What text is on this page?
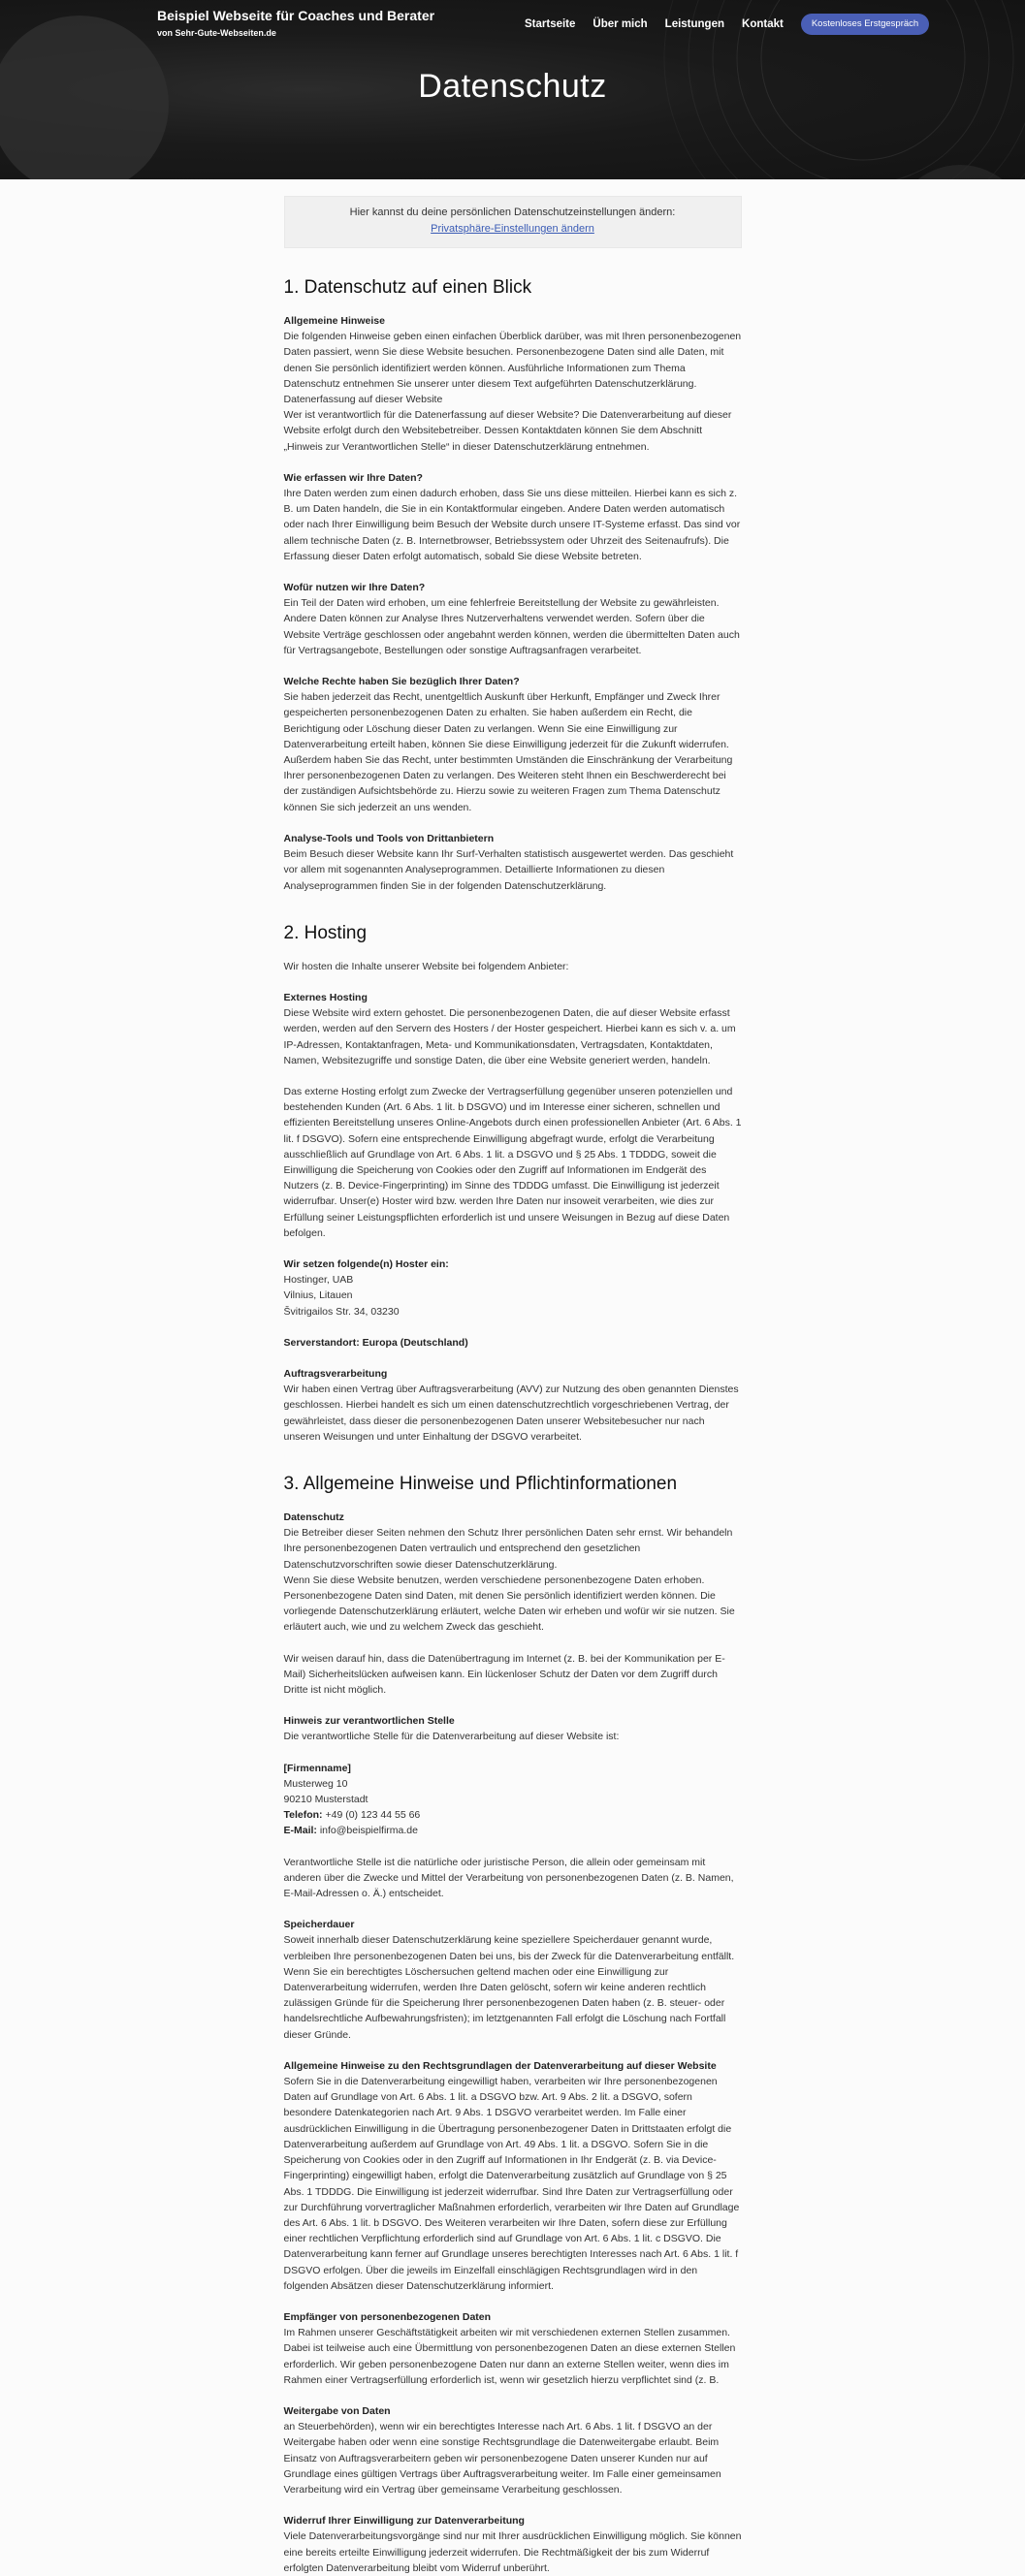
Beispiel Webseite für Coaches und Berater
von Sehr-Gute-Webseiten.de
Startseite Über mich Leistungen Kontakt	Kostenloses Erstgespräch
Datenschutz
Hier kannst du deine persönlichen Datenschutzeinstellungen ändern:
Privatsphäre-Einstellungen ändern
1. Datenschutz auf einen Blick

Allgemeine Hinweise
Die folgenden Hinweise geben einen einfachen Überblick darüber, was mit Ihren personenbezogenen Daten passiert, wenn Sie diese Website besuchen. Personenbezogene Daten sind alle Daten, mit denen Sie persönlich identifiziert werden können. Ausführliche Informationen zum Thema Datenschutz entnehmen Sie unserer unter diesem Text aufgeführten Datenschutzerklärung. Datenerfassung auf dieser Website
Wer ist verantwortlich für die Datenerfassung auf dieser Website? Die Datenverarbeitung auf dieser Website erfolgt durch den Websitebetreiber. Dessen Kontaktdaten können Sie dem Abschnitt „Hinweis zur Verantwortlichen Stelle“ in dieser Datenschutzerklärung entnehmen.

Wie erfassen wir Ihre Daten?
Ihre Daten werden zum einen dadurch erhoben, dass Sie uns diese mitteilen. Hierbei kann es sich z. B. um Daten handeln, die Sie in ein Kontaktformular eingeben. Andere Daten werden automatisch oder nach Ihrer Einwilligung beim Besuch der Website durch unsere IT-Systeme erfasst. Das sind vor allem technische Daten (z. B. Internetbrowser, Betriebssystem oder Uhrzeit des Seitenaufrufs). Die Erfassung dieser Daten erfolgt automatisch, sobald Sie diese Website betreten.

Wofür nutzen wir Ihre Daten?
Ein Teil der Daten wird erhoben, um eine fehlerfreie Bereitstellung der Website zu gewährleisten. Andere Daten können zur Analyse Ihres Nutzerverhaltens verwendet werden. Sofern über die Website Verträge geschlossen oder angebahnt werden können, werden die übermittelten Daten auch für Vertragsangebote, Bestellungen oder sonstige Auftragsanfragen verarbeitet.

Welche Rechte haben Sie bezüglich Ihrer Daten?
Sie haben jederzeit das Recht, unentgeltlich Auskunft über Herkunft, Empfänger und Zweck Ihrer gespeicherten personenbezogenen Daten zu erhalten. Sie haben außerdem ein Recht, die Berichtigung oder Löschung dieser Daten zu verlangen. Wenn Sie eine Einwilligung zur Datenverarbeitung erteilt haben, können Sie diese Einwilligung jederzeit für die Zukunft widerrufen. Außerdem haben Sie das Recht, unter bestimmten Umständen die Einschränkung der Verarbeitung Ihrer personenbezogenen Daten zu verlangen. Des Weiteren steht Ihnen ein Beschwerderecht bei der zuständigen Aufsichtsbehörde zu. Hierzu sowie zu weiteren Fragen zum Thema Datenschutz können Sie sich jederzeit an uns wenden.

Analyse-Tools und Tools von Drittanbietern
Beim Besuch dieser Website kann Ihr Surf-Verhalten statistisch ausgewertet werden. Das geschieht vor allem mit sogenannten Analyseprogrammen. Detaillierte Informationen zu diesen Analyseprogrammen finden Sie in der folgenden Datenschutzerklärung.

2. Hosting

Wir hosten die Inhalte unserer Website bei folgendem Anbieter:

Externes Hosting
Diese Website wird extern gehostet. Die personenbezogenen Daten, die auf dieser Website erfasst werden, werden auf den Servern des Hosters / der Hoster gespeichert. Hierbei kann es sich v. a. um IP-Adressen, Kontaktanfragen, Meta- und Kommunikationsdaten, Vertragsdaten, Kontaktdaten, Namen, Websitezugriffe und sonstige Daten, die über eine Website generiert werden, handeln.

Das externe Hosting erfolgt zum Zwecke der Vertragserfüllung gegenüber unseren potenziellen und bestehenden Kunden (Art. 6 Abs. 1 lit. b DSGVO) und im Interesse einer sicheren, schnellen und effizienten Bereitstellung unseres Online-Angebots durch einen professionellen Anbieter (Art. 6 Abs. 1 lit. f DSGVO). Sofern eine entsprechende Einwilligung abgefragt wurde, erfolgt die Verarbeitung ausschließlich auf Grundlage von Art. 6 Abs. 1 lit. a DSGVO und § 25 Abs. 1 TDDDG, soweit die Einwilligung die Speicherung von Cookies oder den Zugriff auf Informationen im Endgerät des Nutzers (z. B. Device-Fingerprinting) im Sinne des TDDDG umfasst. Die Einwilligung ist jederzeit widerrufbar. Unser(e) Hoster wird bzw. werden Ihre Daten nur insoweit verarbeiten, wie dies zur Erfüllung seiner Leistungspflichten erforderlich ist und unsere Weisungen in Bezug auf diese Daten befolgen.

Wir setzen folgende(n) Hoster ein:
Hostinger, UAB
Vilnius, Litauen
Švitrigailos Str. 34, 03230

Serverstandort: Europa (Deutschland)

Auftragsverarbeitung
Wir haben einen Vertrag über Auftragsverarbeitung (AVV) zur Nutzung des oben genannten Dienstes geschlossen. Hierbei handelt es sich um einen datenschutzrechtlich vorgeschriebenen Vertrag, der gewährleistet, dass dieser die personenbezogenen Daten unserer Websitebesucher nur nach unseren Weisungen und unter Einhaltung der DSGVO verarbeitet.

3. Allgemeine Hinweise und Pflichtinformationen

Datenschutz
Die Betreiber dieser Seiten nehmen den Schutz Ihrer persönlichen Daten sehr ernst. Wir behandeln Ihre personenbezogenen Daten vertraulich und entsprechend den gesetzlichen Datenschutzvorschriften sowie dieser Datenschutzerklärung.
Wenn Sie diese Website benutzen, werden verschiedene personenbezogene Daten erhoben. Personenbezogene Daten sind Daten, mit denen Sie persönlich identifiziert werden können. Die vorliegende Datenschutzerklärung erläutert, welche Daten wir erheben und wofür wir sie nutzen. Sie erläutert auch, wie und zu welchem Zweck das geschieht.

Wir weisen darauf hin, dass die Datenübertragung im Internet (z. B. bei der Kommunikation per E-Mail) Sicherheitslücken aufweisen kann. Ein lückenloser Schutz der Daten vor dem Zugriff durch Dritte ist nicht möglich.

Hinweis zur verantwortlichen Stelle
Die verantwortliche Stelle für die Datenverarbeitung auf dieser Website ist:

[Firmenname]
Musterweg 10
90210 Musterstadt
Telefon: +49 (0) 123 44 55 66
E-Mail: info@beispielfirma.de

Verantwortliche Stelle ist die natürliche oder juristische Person, die allein oder gemeinsam mit anderen über die Zwecke und Mittel der Verarbeitung von personenbezogenen Daten (z. B. Namen, E-Mail-Adressen o. Ä.) entscheidet.

Speicherdauer
Soweit innerhalb dieser Datenschutzerklärung keine speziellere Speicherdauer genannt wurde, verbleiben Ihre personenbezogenen Daten bei uns, bis der Zweck für die Datenverarbeitung entfällt. Wenn Sie ein berechtigtes Löschersuchen geltend machen oder eine Einwilligung zur Datenverarbeitung widerrufen, werden Ihre Daten gelöscht, sofern wir keine anderen rechtlich zulässigen Gründe für die Speicherung Ihrer personenbezogenen Daten haben (z. B. steuer- oder handelsrechtliche Aufbewahrungsfristen); im letztgenannten Fall erfolgt die Löschung nach Fortfall dieser Gründe.

Allgemeine Hinweise zu den Rechtsgrundlagen der Datenverarbeitung auf dieser Website
Sofern Sie in die Datenverarbeitung eingewilligt haben, verarbeiten wir Ihre personenbezogenen Daten auf Grundlage von Art. 6 Abs. 1 lit. a DSGVO bzw. Art. 9 Abs. 2 lit. a DSGVO, sofern besondere Datenkategorien nach Art. 9 Abs. 1 DSGVO verarbeitet werden. Im Falle einer ausdrücklichen Einwilligung in die Übertragung personenbezogener Daten in Drittstaaten erfolgt die Datenverarbeitung außerdem auf Grundlage von Art. 49 Abs. 1 lit. a DSGVO. Sofern Sie in die Speicherung von Cookies oder in den Zugriff auf Informationen in Ihr Endgerät (z. B. via Device-Fingerprinting) eingewilligt haben, erfolgt die Datenverarbeitung zusätzlich auf Grundlage von § 25 Abs. 1 TDDDG. Die Einwilligung ist jederzeit widerrufbar. Sind Ihre Daten zur Vertragserfüllung oder zur Durchführung vorvertraglicher Maßnahmen erforderlich, verarbeiten wir Ihre Daten auf Grundlage des Art. 6 Abs. 1 lit. b DSGVO. Des Weiteren verarbeiten wir Ihre Daten, sofern diese zur Erfüllung einer rechtlichen Verpflichtung erforderlich sind auf Grundlage von Art. 6 Abs. 1 lit. c DSGVO. Die Datenverarbeitung kann ferner auf Grundlage unseres berechtigten Interesses nach Art. 6 Abs. 1 lit. f DSGVO erfolgen. Über die jeweils im Einzelfall einschlägigen Rechtsgrundlagen wird in den folgenden Absätzen dieser Datenschutzerklärung informiert.

Empfänger von personenbezogenen Daten
Im Rahmen unserer Geschäftstätigkeit arbeiten wir mit verschiedenen externen Stellen zusammen. Dabei ist teilweise auch eine Übermittlung von personenbezogenen Daten an diese externen Stellen erforderlich. Wir geben personenbezogene Daten nur dann an externe Stellen weiter, wenn dies im Rahmen einer Vertragserfüllung erforderlich ist, wenn wir gesetzlich hierzu verpflichtet sind (z. B.

Weitergabe von Daten
an Steuerbehörden), wenn wir ein berechtigtes Interesse nach Art. 6 Abs. 1 lit. f DSGVO an der Weitergabe haben oder wenn eine sonstige Rechtsgrundlage die Datenweitergabe erlaubt. Beim Einsatz von Auftragsverarbeitern geben wir personenbezogene Daten unserer Kunden nur auf Grundlage eines gültigen Vertrags über Auftragsverarbeitung weiter. Im Falle einer gemeinsamen Verarbeitung wird ein Vertrag über gemeinsame Verarbeitung geschlossen.

Widerruf Ihrer Einwilligung zur Datenverarbeitung
Viele Datenverarbeitungsvorgänge sind nur mit Ihrer ausdrücklichen Einwilligung möglich. Sie können eine bereits erteilte Einwilligung jederzeit widerrufen. Die Rechtmäßigkeit der bis zum Widerruf erfolgten Datenverarbeitung bleibt vom Widerruf unberührt.
